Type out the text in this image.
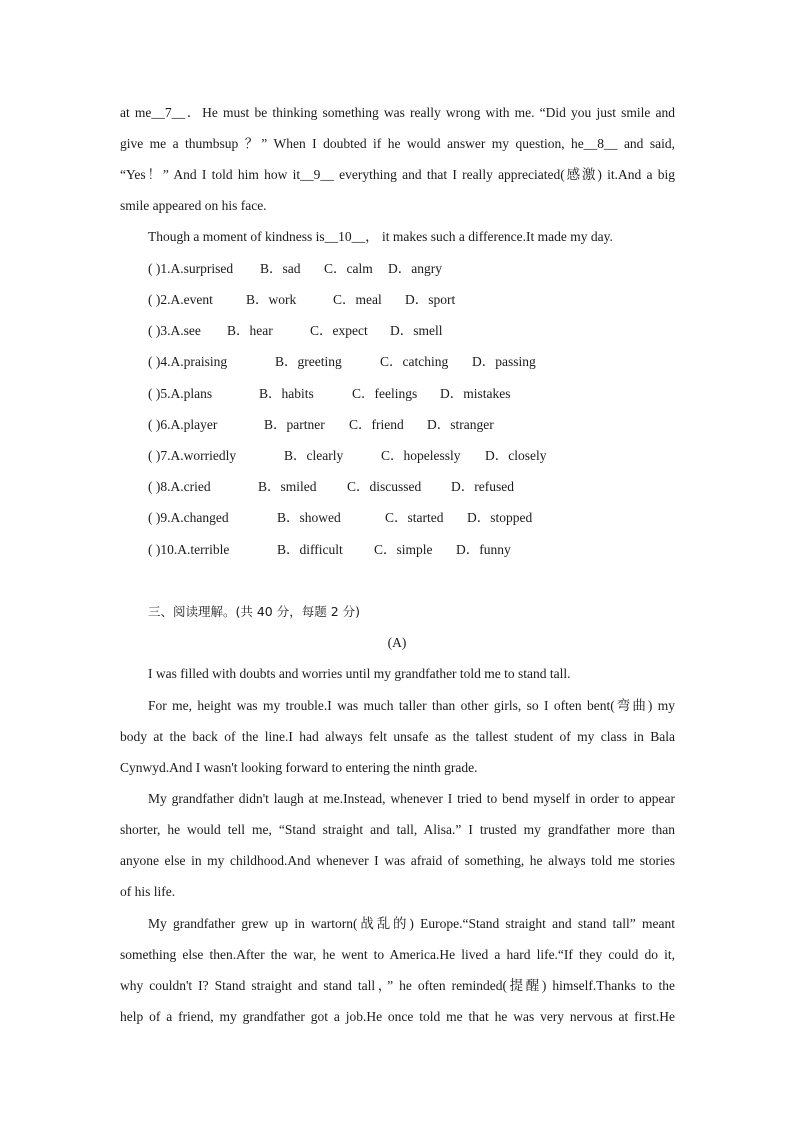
at me__7__．He must be thinking something was really wrong with me. “Did you just smile and
give me a thumbsup ？” When I doubted if he would answer my question, he__8__ and said,
“Yes！” And I told him how it__9__ everything and that I really appreciated(感激) it.And a big
smile appeared on his face.
Though a moment of kindness is__10__， it makes such a difference.It made my day.
( )1.A.surprised B．sad C．calm D．angry
( )2.A.event B．work	C．meal D．sport
( )3.A.see B．hear	C．expect D．smell
( )4.A.praising	B．greeting	C．catching D．passing
( )5.A.plans	B．habits	C．feelings D．mistakes
( )6.A.player	B．partner C．friend D．stranger
( )7.A.worriedly	B．clearly	C．hopelessly D．closely
( )8.A.cried	B．smiled C．discussed D．refused
( )9.A.changed	B．showed	C．started D．stopped
( )10.A.terrible	B．difficult C．simple D．funny
三、阅读理解。(共 40 分，每题 2 分)
(A)
I was filled with doubts and worries until my grandfather told me to stand tall.
For me, height was my trouble.I was much taller than other girls, so I often bent(弯曲) my
body at the back of the line.I had always felt unsafe as the tallest student of my class in Bala
Cynwyd.And I wasn't looking forward to entering the ninth grade.
My grandfather didn't laugh at me.Instead, whenever I tried to bend myself in order to appear
shorter, he would tell me, “Stand straight and tall, Alisa.” I trusted my grandfather more than
anyone else in my childhood.And whenever I was afraid of something, he always told me stories
of his life.
My grandfather grew up in wartorn(战乱的) Europe.“Stand straight and stand tall” meant
something else then.After the war, he went to America.He lived a hard life.“If they could do it,
why couldn't I? Stand straight and stand tall，” he often reminded(提醒) himself.Thanks to the
help of a friend, my grandfather got a job.He once told me that he was very nervous at first.He
